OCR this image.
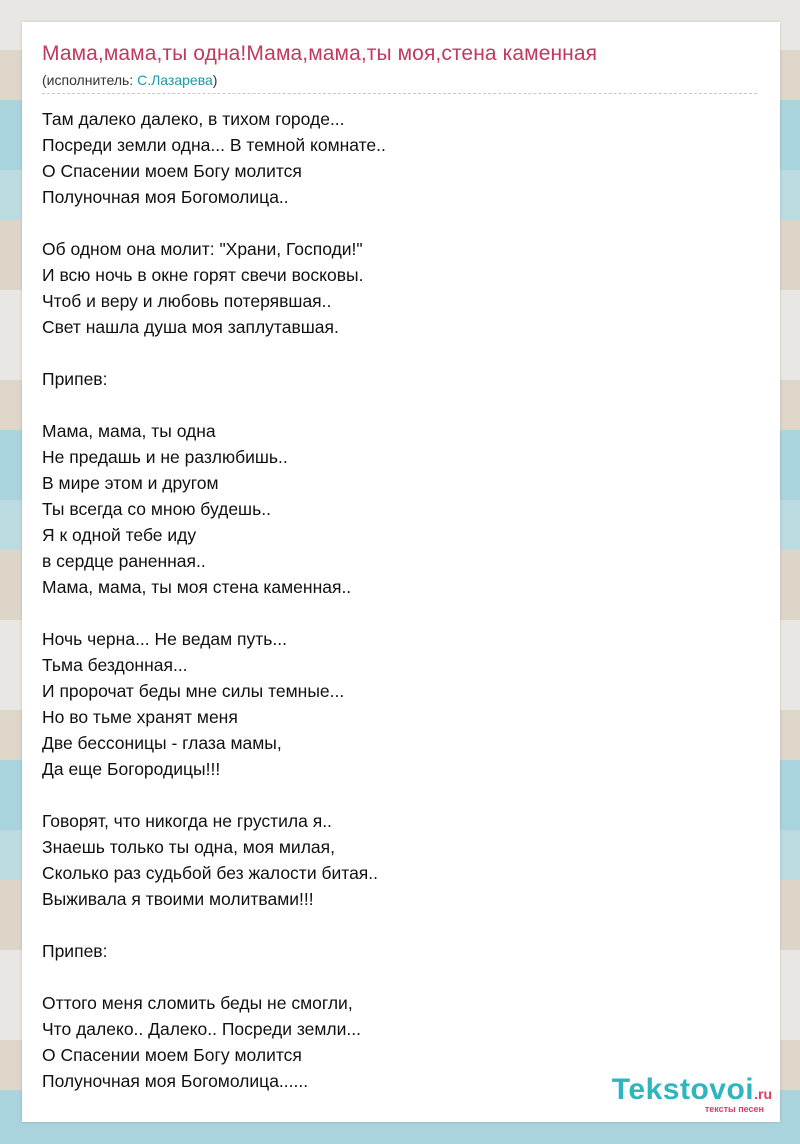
Мама,мама,ты одна!Мама,мама,ты моя,стена каменная
(исполнитель: С.Лазарева)
Там далеко далеко, в тихом городе...
Посреди земли одна... В темной комнате..
О Спасении моем Богу молится
Полуночная моя Богомолица..
Об одном она молит: "Храни, Господи!"
И всю ночь в окне горят свечи восковы.
Чтоб и веру и любовь потерявшая..
Свет нашла душа моя заплутавшая.
Припев:
Мама, мама, ты одна
Не предашь и не разлюбишь..
В мире этом и другом
Ты всегда со мною будешь..
Я к одной тебе иду
в сердце раненная..
Мама, мама, ты моя стена каменная..
Ночь черна... Не ведам путь...
Тьма бездонная...
И пророчат беды мне силы темные...
Но во тьме хранят меня
Две бессоницы - глаза мамы,
Да еще Богородицы!!!
Говорят, что никогда не грустила я..
Знаешь только ты одна, моя милая,
Сколько раз судьбой без жалости битая..
Выживала я твоими молитвами!!!
Припев:
Оттого меня сломить беды не смогли,
Что далеко.. Далеко.. Посреди земли...
О Спасении моем Богу молится
Полуночная моя Богомолица......	Tekstovoi.ru
тексты песен
